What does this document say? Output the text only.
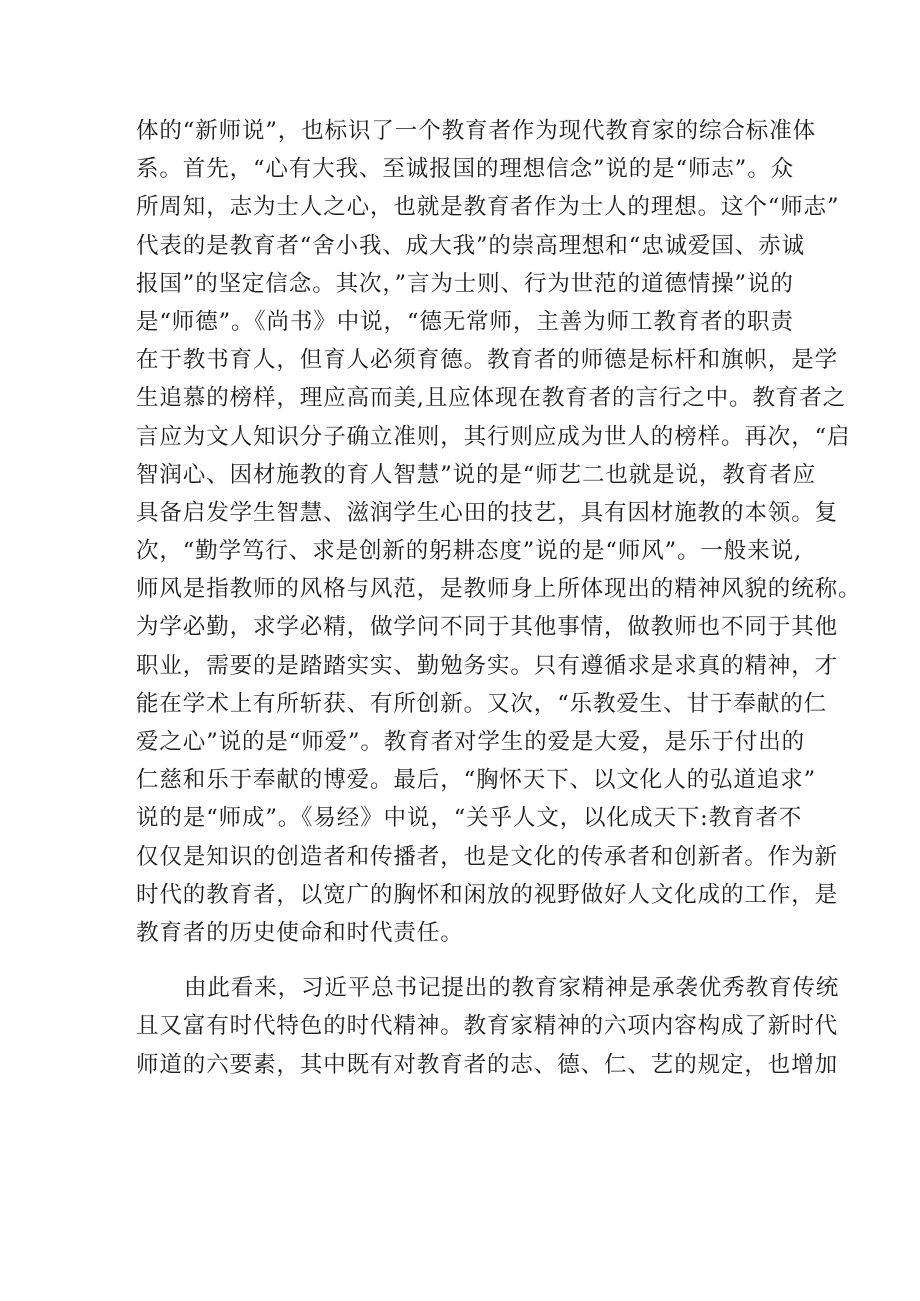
体的“新师说”，也标识了一个教育者作为现代教育家的综合标准体
系。首先，“心有大我、至诚报国的理想信念”说的是“师志”。众
所周知，志为士人之心，也就是教育者作为士人的理想。这个“师志”
代表的是教育者“舍小我、成大我”的崇高理想和“忠诚爱国、赤诚
报国”的坚定信念。其次，”言为士则、行为世范的道德情操”说的
是“师德”。《尚书》中说，“德无常师，主善为师工教育者的职责
在于教书育人，但育人必须育德。教育者的师德是标杆和旗帜，是学
生追慕的榜样，理应高而美,且应体现在教育者的言行之中。教育者之
言应为文人知识分子确立准则，其行则应成为世人的榜样。再次，“启
智润心、因材施教的育人智慧”说的是“师艺二也就是说，教育者应
具备启发学生智慧、滋润学生心田的技艺，具有因材施教的本领。复
次，“勤学笃行、求是创新的躬耕态度”说的是“师风”。一般来说,
师风是指教师的风格与风范，是教师身上所体现出的精神风貌的统称。
为学必勤，求学必精，做学问不同于其他事情，做教师也不同于其他
职业，需要的是踏踏实实、勤勉务实。只有遵循求是求真的精神，才
能在学术上有所斩获、有所创新。又次，“乐教爱生、甘于奉献的仁
爱之心”说的是“师爱”。教育者对学生的爱是大爱，是乐于付出的
仁慈和乐于奉献的博爱。最后，“胸怀天下、以文化人的弘道追求”
说的是“师成”。《易经》中说，“关乎人文，以化成天下:教育者不
仅仅是知识的创造者和传播者，也是文化的传承者和创新者。作为新
时代的教育者，以宽广的胸怀和闲放的视野做好人文化成的工作，是
教育者的历史使命和时代责任。
由此看来，习近平总书记提出的教育家精神是承袭优秀教育传统
且又富有时代特色的时代精神。教育家精神的六项内容构成了新时代
师道的六要素，其中既有对教育者的志、德、仁、艺的规定，也增加
